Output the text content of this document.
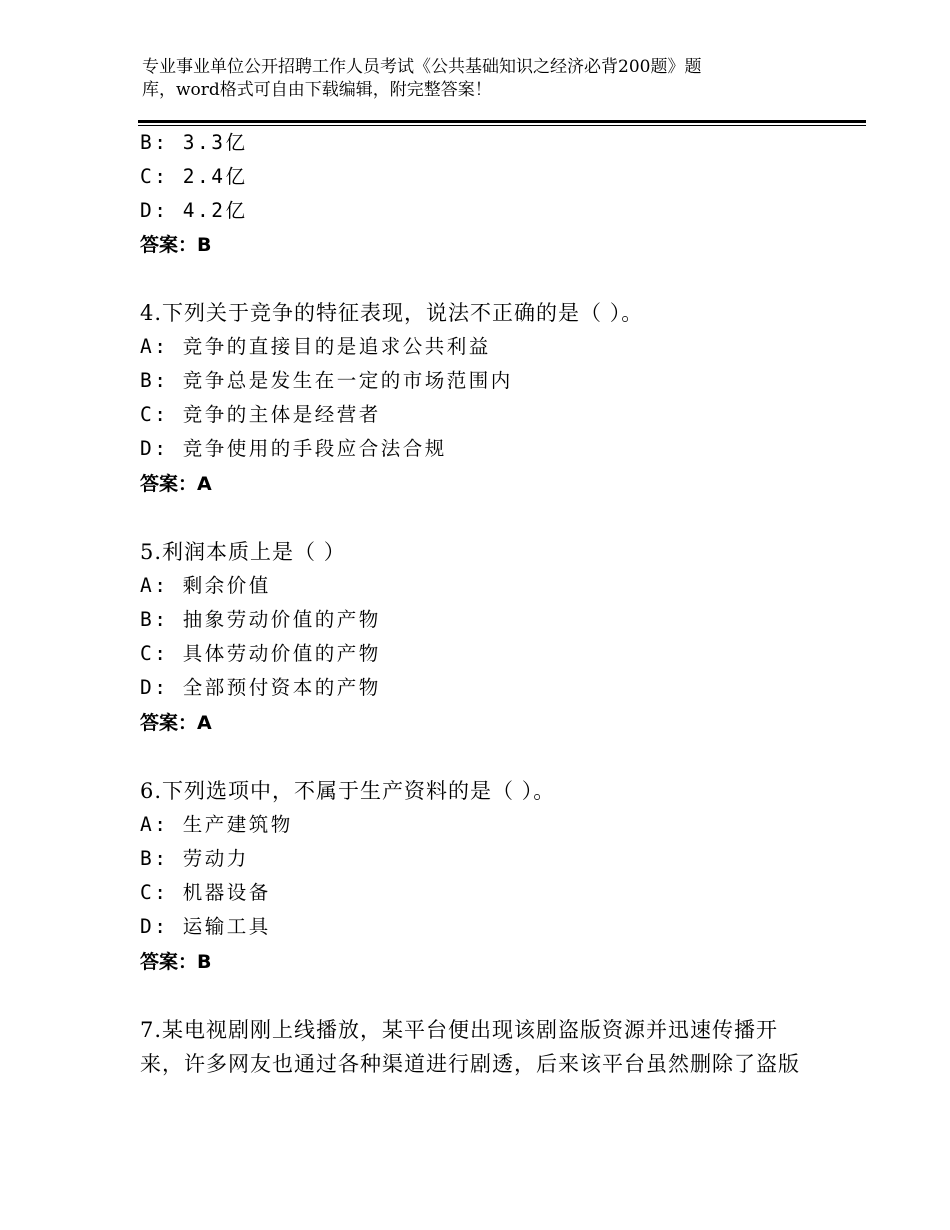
专业事业单位公开招聘工作人员考试《公共基础知识之经济必背200题》题
库，word格式可自由下载编辑，附完整答案！
B: 3.3亿
C: 2.4亿
D: 4.2亿
答案：B
4.下列关于竞争的特征表现，说法不正确的是（ ）。
A: 竞争的直接目的是追求公共利益
B: 竞争总是发生在一定的市场范围内
C: 竞争的主体是经营者
D: 竞争使用的手段应合法合规
答案：A
5.利润本质上是（ ）
A: 剩余价值
B: 抽象劳动价值的产物
C: 具体劳动价值的产物
D: 全部预付资本的产物
答案：A
6.下列选项中，不属于生产资料的是（ ）。
A: 生产建筑物
B: 劳动力
C: 机器设备
D: 运输工具
答案：B
7.某电视剧刚上线播放，某平台便出现该剧盗版资源并迅速传播开
来，许多网友也通过各种渠道进行剧透，后来该平台虽然删除了盗版
